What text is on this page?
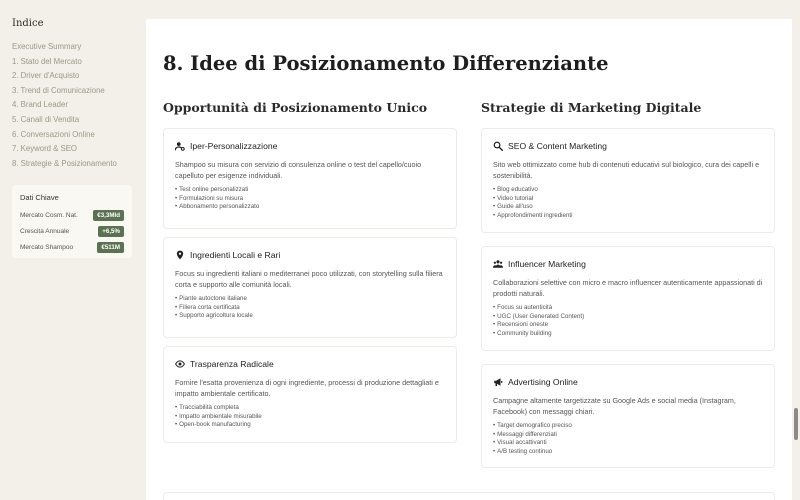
Indice
Executive Summary
1. Stato del Mercato
2. Driver d'Acquisto
3. Trend di Comunicazione
4. Brand Leader
5. Canali di Vendita
6. Conversazioni Online
7. Keyword & SEO
8. Strategie & Posizionamento
Dati Chiave
Mercato Cosm. Nat.	€3,3Mld
Crescita Annuale	+6,5%
Mercato Shampoo	€511M
8. Idee di Posizionamento Differenziante
Opportunità di Posizionamento Unico	Strategie di Marketing Digitale
Iper-Personalizzazione

Shampoo su misura con servizio di consulenza online o test del capello/cuoio capelluto per esigenze individuali.

• Test online personalizzati
• Formulazioni su misura
• Abbonamento personalizzato
Ingredienti Locali e Rari

Focus su ingredienti italiani o mediterranei poco utilizzati, con storytelling sulla filiera corta e supporto alle comunità locali.

• Piante autoctone italiane
• Filiera corta certificata
• Supporto agricoltura locale
Trasparenza Radicale

Fornire l'esatta provenienza di ogni ingrediente, processi di produzione dettagliati e impatto ambientale certificato.

• Tracciabilità completa
• Impatto ambientale misurabile
• Open-book manufacturing
SEO & Content Marketing

Sito web ottimizzato come hub di contenuti educativi sul biologico, cura dei capelli e sostenibilità.

• Blog educativo
• Video tutorial
• Guide all'uso
• Approfondimenti ingredienti
Influencer Marketing

Collaborazioni selettive con micro e macro influencer autenticamente appassionati di prodotti naturali.

• Focus su autenticità
• UGC (User Generated Content)
• Recensioni oneste
• Community building
Advertising Online

Campagne altamente targetizzate su Google Ads e social media (Instagram, Facebook) con messaggi chiari.

• Target demografico preciso
• Messaggi differenziati
• Visual accattivanti
• A/B testing continuo
